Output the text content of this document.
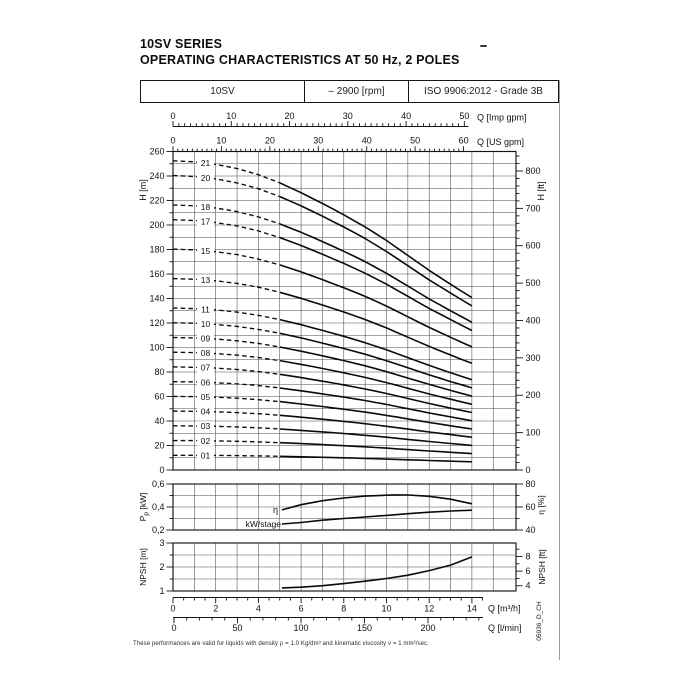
10SV SERIES
OPERATING CHARACTERISTICS AT 50 Hz, 2 POLES
10SV	– 2900 [rpm]	ISO 9906:2012 - Grade 3B
0	10	20	30	40	50 Q [Imp gpm]
0	10	20	30	40	50	60 Q [US gpm]
0
20
40
60
80
100
120
140
160
180
200
220
240
260
H [m]
0
100
200
300
400
500
600
700
800
H [ft]
01
02
03
04
05
06
07
08
09
10
11
13
15
17
18
20
21
0,2
0,4
0,6
$P_p$ [kW]
40
60
80
η [%]
η
kW/stage
1
2
3
NPSH [m]	4
6
8 NPSH [ft]
0	2	4	6	8	10	12	14 Q [m³/h]
0	50	100	150	200	Q [l/min] 05936_D_CH
These performances are valid for liquids with density ρ = 1.0 Kg/dm³ and kinematic viscosity ν = 1 mm²/sec.
